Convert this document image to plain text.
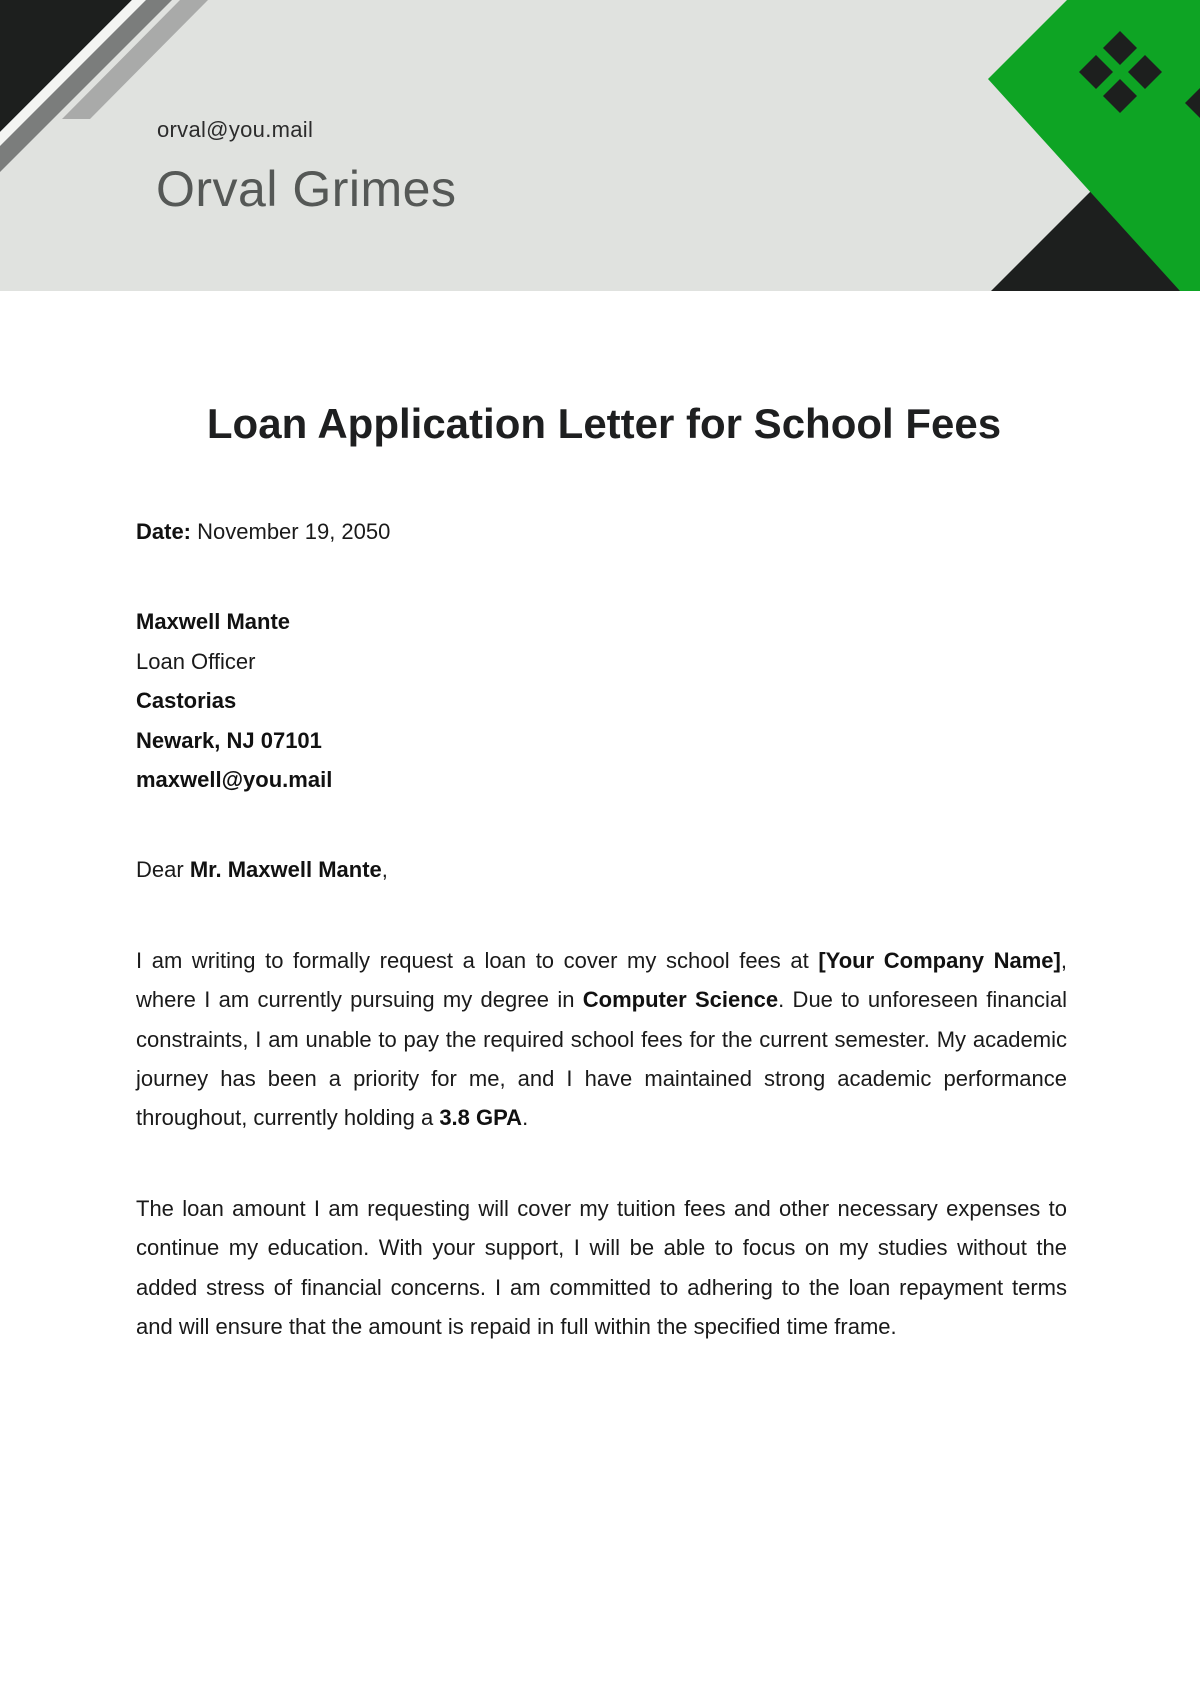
orval@you.mail
Orval Grimes
Loan Application Letter for School Fees

Date: November 19, 2050

Maxwell Mante
Loan Officer
Castorias
Newark, NJ 07101
maxwell@you.mail

Dear Mr. Maxwell Mante,

I am writing to formally request a loan to cover my school fees at [Your Company Name], where I am currently pursuing my degree in Computer Science. Due to unforeseen financial constraints, I am unable to pay the required school fees for the current semester. My academic journey has been a priority for me, and I have maintained strong academic performance throughout, currently holding a 3.8 GPA.

The loan amount I am requesting will cover my tuition fees and other necessary expenses to continue my education. With your support, I will be able to focus on my studies without the added stress of financial concerns. I am committed to adhering to the loan repayment terms and will ensure that the amount is repaid in full within the specified time frame.
